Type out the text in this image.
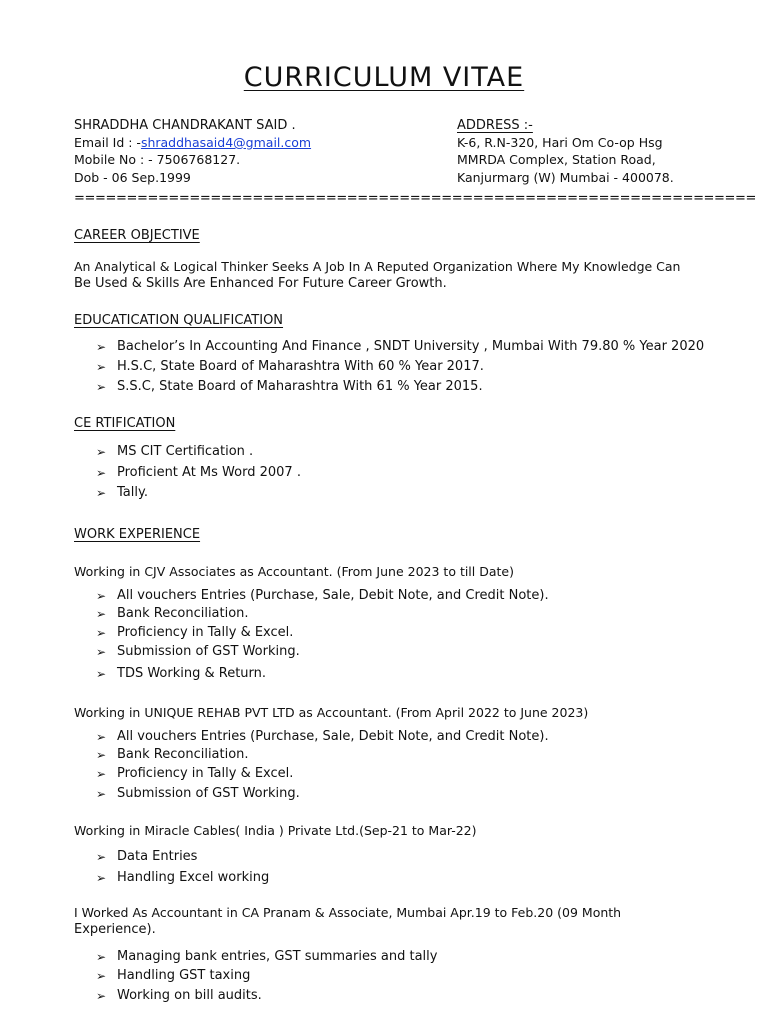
CURRICULUM VITAE
SHRADDHA CHANDRAKANT SAID .
Email Id : -shraddhasaid4@gmail.com
Mobile No : - 7506768127.
Dob - 06 Sep.1999
ADDRESS :-
K-6, R.N-320, Hari Om Co-op Hsg
MMRDA Complex, Station Road,
Kanjurmarg (W) Mumbai - 400078.
=================================================================
CAREER OBJECTIVE
An Analytical & Logical Thinker Seeks A Job In A Reputed Organization Where My Knowledge Can
Be Used & Skills Are Enhanced For Future Career Growth.
EDUCATICATION QUALIFICATION
➢ Bachelor’s In Accounting And Finance , SNDT University , Mumbai With 79.80 % Year 2020
➢ H.S.C, State Board of Maharashtra With 60 % Year 2017.
➢ S.S.C, State Board of Maharashtra With 61 % Year 2015.
CE RTIFICATION
➢ MS CIT Certification .
➢ Proficient At Ms Word 2007 .
➢ Tally.
WORK EXPERIENCE
Working in CJV Associates as Accountant. (From June 2023 to till Date)
➢ All vouchers Entries (Purchase, Sale, Debit Note, and Credit Note).
➢ Bank Reconciliation.
➢ Proficiency in Tally & Excel.
➢ Submission of GST Working.
➢ TDS Working & Return.
Working in UNIQUE REHAB PVT LTD as Accountant. (From April 2022 to June 2023)
➢ All vouchers Entries (Purchase, Sale, Debit Note, and Credit Note).
➢ Bank Reconciliation.
➢ Proficiency in Tally & Excel.
➢ Submission of GST Working.
Working in Miracle Cables( India ) Private Ltd.(Sep-21 to Mar-22)
➢ Data Entries
➢ Handling Excel working
I Worked As Accountant in CA Pranam & Associate, Mumbai Apr.19 to Feb.20 (09 Month
Experience).
➢ Managing bank entries, GST summaries and tally
➢ Handling GST taxing
➢ Working on bill audits.
